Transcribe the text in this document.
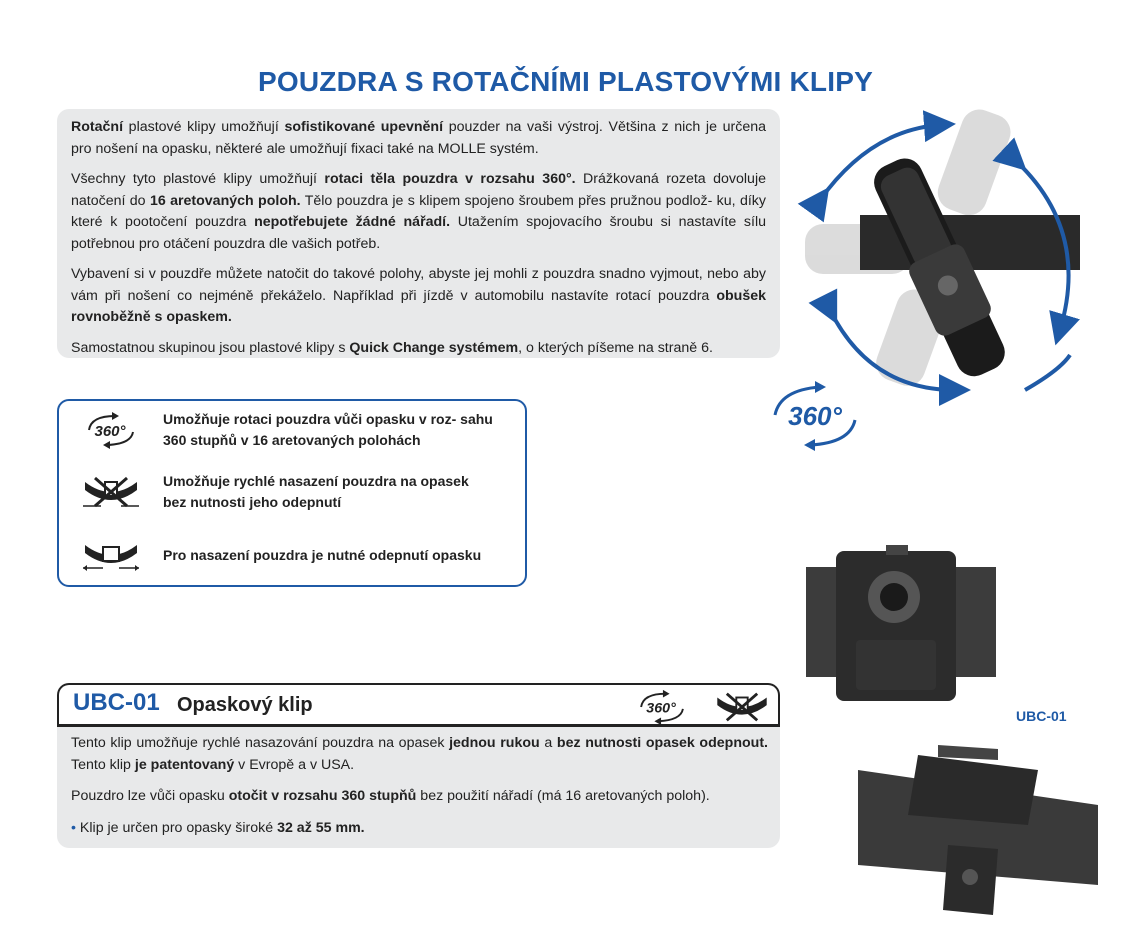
POUZDRA S ROTAČNÍMI PLASTOVÝMI KLIPY

Rotační plastové klipy umožňují sofistikované upevnění pouzder na vaši výstroj. Většina z nich je určena pro nošení na opasku, některé ale umožňují fixaci také na MOLLE systém.

Všechny tyto plastové klipy umožňují rotaci těla pouzdra v rozsahu 360°. Drážkovaná rozeta dovoluje natočení do 16 aretovaných poloh. Tělo pouzdra je s klipem spojeno šroubem přes pružnou podlož- ku, díky které k pootočení pouzdra nepotřebujete žádné nářadí. Utažením spojovacího šroubu si nastavíte sílu potřebnou pro otáčení pouzdra dle vašich potřeb.

Vybavení si v pouzdře můžete natočit do takové polohy, abyste jej mohli z pouzdra snadno vyjmout, nebo aby vám při nošení co nejméně překáželo. Například při jízdě v automobilu nastavíte rotací pouzdra obušek rovnoběžně s opaskem.

Samostatnou skupinou jsou plastové klipy s Quick Change systémem, o kterých píšeme na straně 6.

360°
360°
Umožňuje rotaci pouzdra vůči opasku v roz- sahu 360 stupňů v 16 aretovaných polohách
Umožňuje rychlé nasazení pouzdra na opasek bez nutnosti jeho odepnutí
Pro nasazení pouzdra je nutné odepnutí opasku
UBC-01
UBC-01 Opaskový klip	360°

Tento klip umožňuje rychlé nasazování pouzdra na opasek jednou rukou a bez nutnosti opasek odepnout. Tento klip je patentovaný v Evropě a v USA.

Pouzdro lze vůči opasku otočit v rozsahu 360 stupňů bez použití nářadí (má 16 aretovaných poloh).

• Klip je určen pro opasky široké 32 až 55 mm.
